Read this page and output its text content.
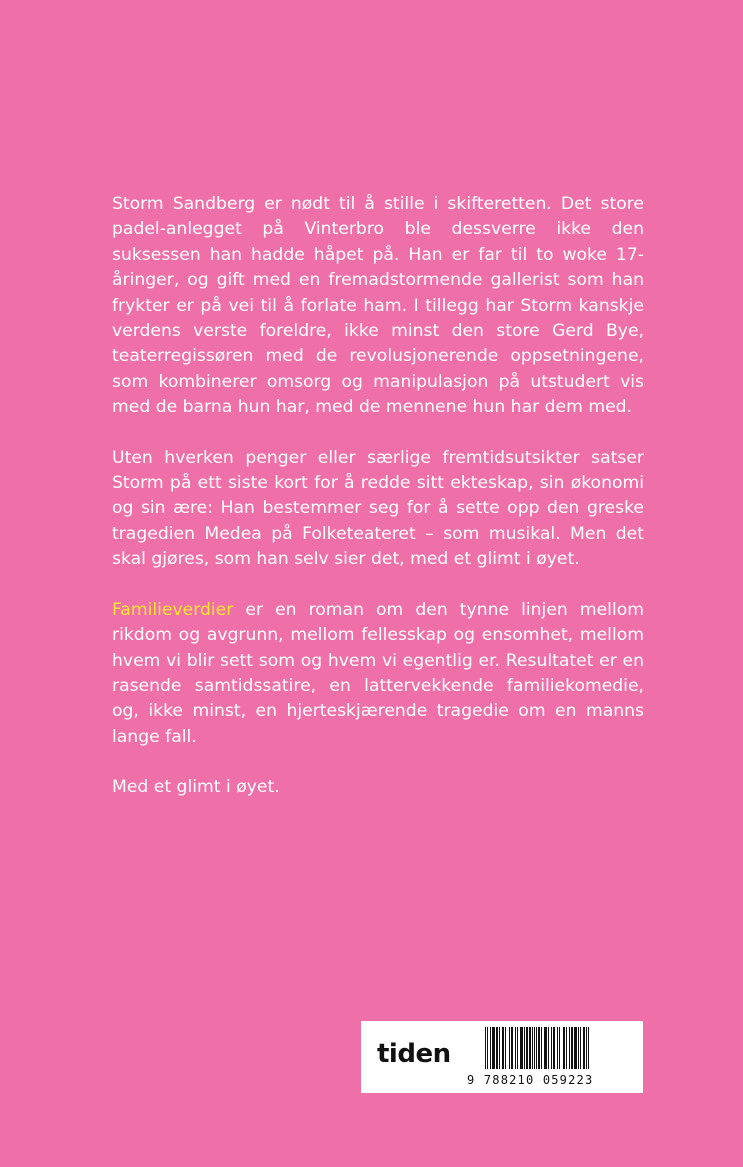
Storm Sandberg er nødt til å stille i skifteretten. Det store padel-anlegget på Vinterbro ble dessverre ikke den suksessen han hadde håpet på. Han er far til to woke 17-åringer, og gift med en fremadstormende gallerist som han frykter er på vei til å forlate ham. I tillegg har Storm kanskje verdens verste foreldre, ikke minst den store Gerd Bye, teaterregissøren med de revolusjonerende oppsetningene, som kombinerer omsorg og manipulasjon på utstudert vis med de barna hun har, med de mennene hun har dem med.

Uten hverken penger eller særlige fremtidsutsikter satser Storm på ett siste kort for å redde sitt ekteskap, sin økonomi og sin ære: Han bestemmer seg for å sette opp den greske tragedien Medea på Folketeateret – som musikal. Men det skal gjøres, som han selv sier det, med et glimt i øyet.

Familieverdier er en roman om den tynne linjen mellom rikdom og avgrunn, mellom fellesskap og ensomhet, mellom hvem vi blir sett som og hvem vi egentlig er. Resultatet er en rasende samtidssatire, en lattervekkende familiekomedie, og, ikke minst, en hjerteskjærende tragedie om en manns lange fall.

Med et glimt i øyet.

tiden
9 788210 059223
